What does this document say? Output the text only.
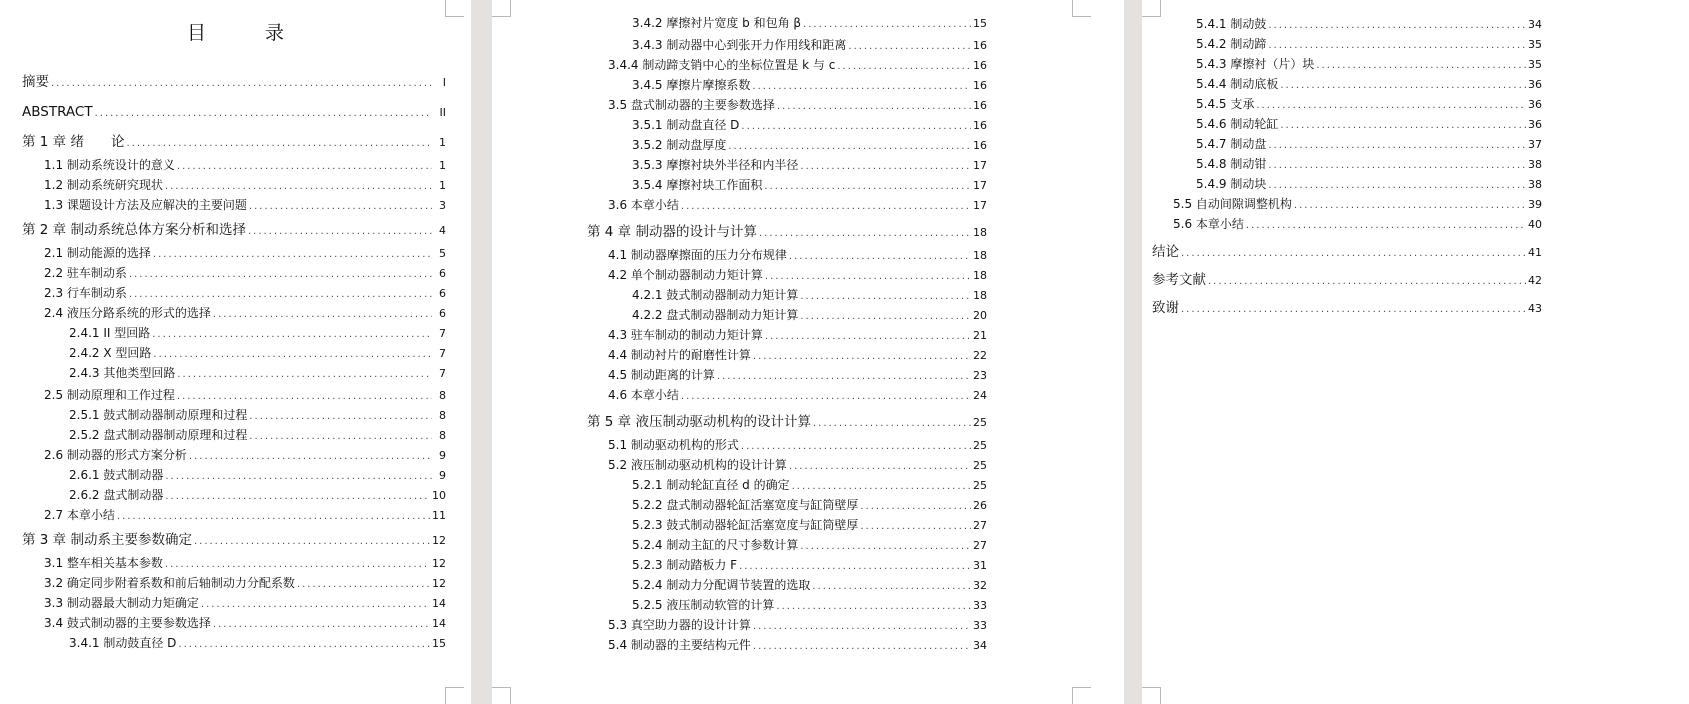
目　录
摘要 .....	I
ABSTRACT .....	II
第 1 章 绪　　论 .....	1
1.1 制动系统设计的意义 .....	1
1.2 制动系统研究现状 .....	1
1.3 课题设计方法及应解决的主要问题 .....	3
第 2 章 制动系统总体方案分析和选择 .....	4
2.1 制动能源的选择 .....	5
2.2 驻车制动系 .....	6
2.3 行车制动系 .....	6
2.4 液压分路系统的形式的选择 .....	6
2.4.1 II 型回路 .....	7
2.4.2 X 型回路 .....	7
2.4.3 其他类型回路 .....	7
2.5 制动原理和工作过程 .....	8
2.5.1 鼓式制动器制动原理和过程 .....	8
2.5.2 盘式制动器制动原理和过程 .....	8
2.6 制动器的形式方案分析 .....	9
2.6.1 鼓式制动器 .....	9
2.6.2 盘式制动器 .....	10
2.7 本章小结 .....	11
第 3 章 制动系主要参数确定 .....	12
3.1 整车相关基本参数 .....	12
3.2 确定同步附着系数和前后轴制动力分配系数 .....	12
3.3 制动器最大制动力矩确定 .....	14
3.4 鼓式制动器的主要参数选择 .....	14
3.4.1 制动鼓直径 D .....	15
3.4.2 摩擦衬片宽度 b 和包角 β .....	15
3.4.3 制动器中心到张开力作用线和距离 .....	16
3.4.4 制动蹄支销中心的坐标位置是 k 与 c .....	16
3.4.5 摩擦片摩擦系数 .....	16
3.5 盘式制动器的主要参数选择 .....	16
3.5.1 制动盘直径 D .....	16
3.5.2 制动盘厚度 .....	16
3.5.3 摩擦衬块外半径和内半径 .....	17
3.5.4 摩擦衬块工作面积 .....	17
3.6 本章小结 .....	17
第 4 章 制动器的设计与计算 .....	18
4.1 制动器摩擦面的压力分布规律 .....	18
4.2 单个制动器制动力矩计算 .....	18
4.2.1 鼓式制动器制动力矩计算 .....	18
4.2.2 盘式制动器制动力矩计算 .....	20
4.3 驻车制动的制动力矩计算 .....	21
4.4 制动衬片的耐磨性计算 .....	22
4.5 制动距离的计算 .....	23
4.6 本章小结 .....	24
第 5 章 液压制动驱动机构的设计计算 .....	25
5.1 制动驱动机构的形式 .....	25
5.2 液压制动驱动机构的设计计算 .....	25
5.2.1 制动轮缸直径 d 的确定 .....	25
5.2.2 盘式制动器轮缸活塞宽度与缸筒壁厚 .....	26
5.2.3 鼓式制动器轮缸活塞宽度与缸筒壁厚 .....	27
5.2.4 制动主缸的尺寸参数计算 .....	27
5.2.3 制动踏板力 F .....	31
5.2.4 制动力分配调节装置的选取 .....	32
5.2.5 液压制动软管的计算 .....	33
5.3 真空助力器的设计计算 .....	33
5.4 制动器的主要结构元件 .....	34
5.4.1 制动鼓 .....	34
5.4.2 制动蹄 .....	35
5.4.3 摩擦衬（片）块 .....	35
5.4.4 制动底板 .....	36
5.4.5 支承 .....	36
5.4.6 制动轮缸 .....	36
5.4.7 制动盘 .....	37
5.4.8 制动钳 .....	38
5.4.9 制动块 .....	38
5.5 自动间隙调整机构 .....	39
5.6 本章小结 .....	40
结论 .....	41
参考文献 .....	42
致谢 .....	43
